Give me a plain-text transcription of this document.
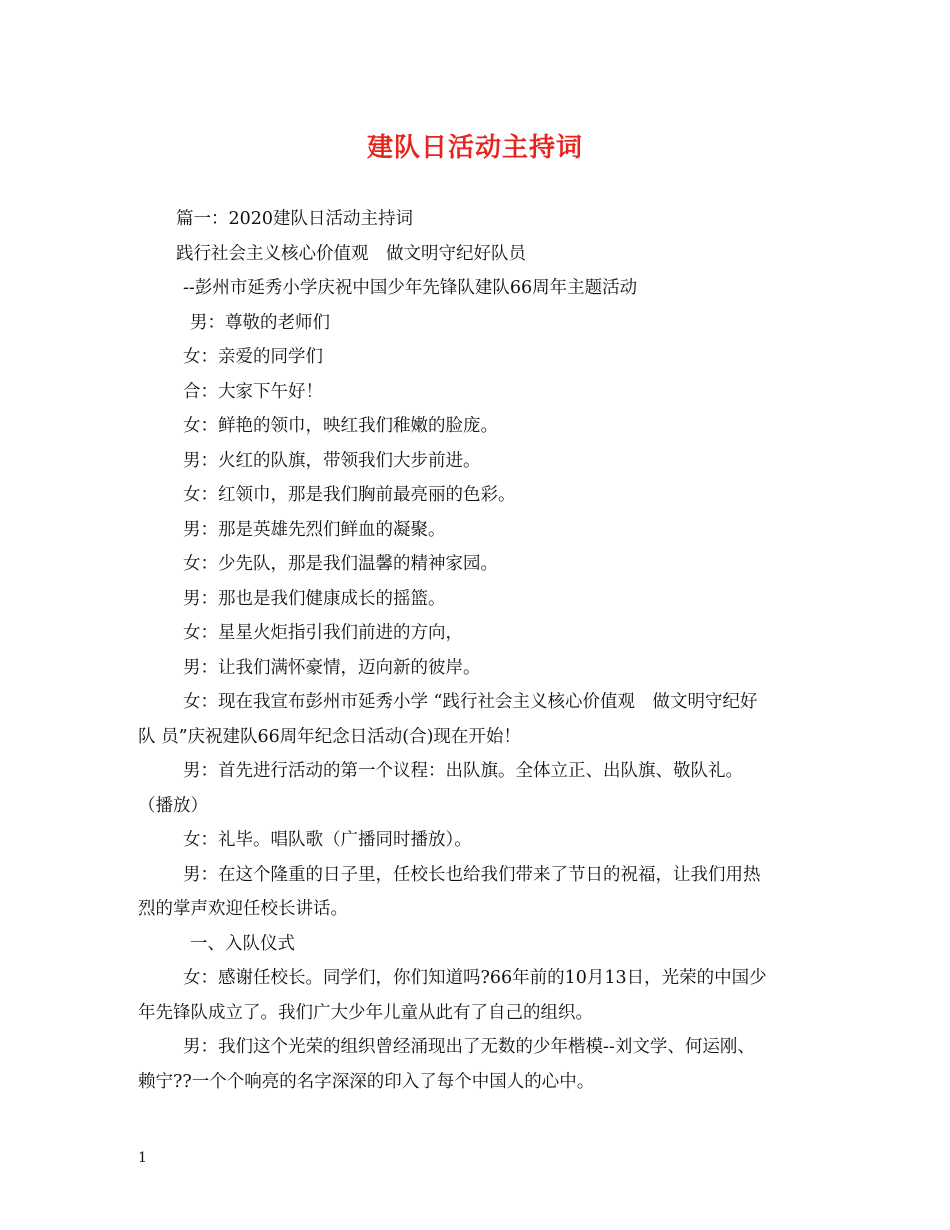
建队日活动主持词
篇一：2020建队日活动主持词
践行社会主义核心价值观　做文明守纪好队员
--彭州市延秀小学庆祝中国少年先锋队建队66周年主题活动
男：尊敬的老师们
女：亲爱的同学们
合：大家下午好！
女：鲜艳的领巾，映红我们稚嫩的脸庞。
男：火红的队旗，带领我们大步前进。
女：红领巾，那是我们胸前最亮丽的色彩。
男：那是英雄先烈们鲜血的凝聚。
女：少先队，那是我们温馨的精神家园。
男：那也是我们健康成长的摇篮。
女：星星火炬指引我们前进的方向，
男：让我们满怀豪情，迈向新的彼岸。
女：现在我宣布彭州市延秀小学 “践行社会主义核心价值观　做文明守纪好
队 员”庆祝建队66周年纪念日活动(合)现在开始！
男：首先进行活动的第一个议程：出队旗。全体立正、出队旗、敬队礼。
（播放）
女：礼毕。唱队歌（广播同时播放）。
男：在这个隆重的日子里，任校长也给我们带来了节日的祝福，让我们用热
烈的掌声欢迎任校长讲话。
一、入队仪式
女：感谢任校长。同学们，你们知道吗?66年前的10月13日，光荣的中国少
年先锋队成立了。我们广大少年儿童从此有了自己的组织。
男：我们这个光荣的组织曾经涌现出了无数的少年楷模--刘文学、何运刚、
赖宁??一个个响亮的名字深深的印入了每个中国人的心中。
1
